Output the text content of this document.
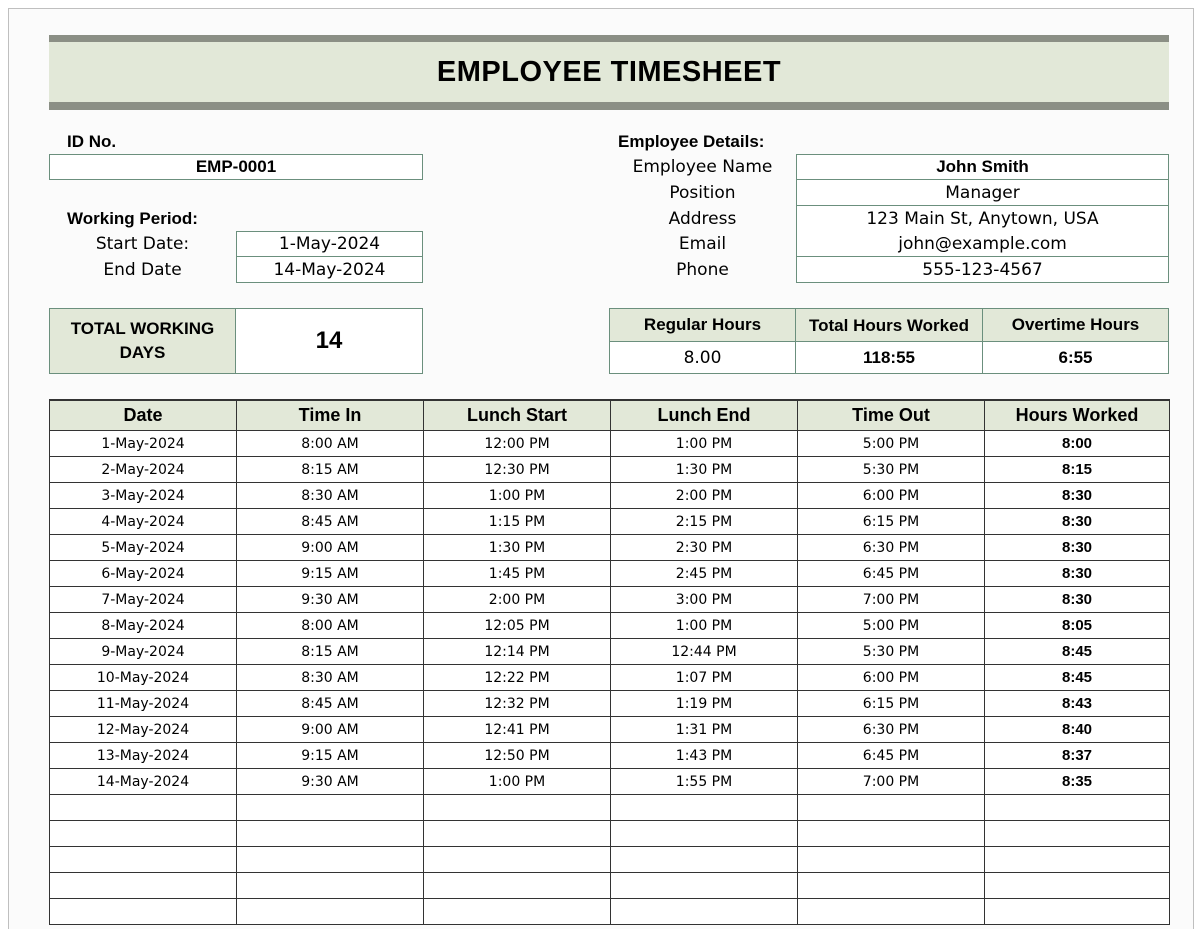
EMPLOYEE TIMESHEET
ID No.
EMP-0001
Working Period:
Start Date:	1-May-2024
End Date	14-May-2024
Employee Details:
Employee Name	John Smith
Position	Manager
Address	123 Main St, Anytown, USA
Email	john@example.com
Phone	555-123-4567
TOTAL WORKING DAYS	14
Regular Hours	Total Hours Worked	Overtime Hours
8.00	118:55	6:55
Date	Time In	Lunch Start	Lunch End	Time Out	Hours Worked
1-May-2024	8:00 AM	12:00 PM	1:00 PM	5:00 PM	8:00
2-May-2024	8:15 AM	12:30 PM	1:30 PM	5:30 PM	8:15
3-May-2024	8:30 AM	1:00 PM	2:00 PM	6:00 PM	8:30
4-May-2024	8:45 AM	1:15 PM	2:15 PM	6:15 PM	8:30
5-May-2024	9:00 AM	1:30 PM	2:30 PM	6:30 PM	8:30
6-May-2024	9:15 AM	1:45 PM	2:45 PM	6:45 PM	8:30
7-May-2024	9:30 AM	2:00 PM	3:00 PM	7:00 PM	8:30
8-May-2024	8:00 AM	12:05 PM	1:00 PM	5:00 PM	8:05
9-May-2024	8:15 AM	12:14 PM	12:44 PM	5:30 PM	8:45
10-May-2024	8:30 AM	12:22 PM	1:07 PM	6:00 PM	8:45
11-May-2024	8:45 AM	12:32 PM	1:19 PM	6:15 PM	8:43
12-May-2024	9:00 AM	12:41 PM	1:31 PM	6:30 PM	8:40
13-May-2024	9:15 AM	12:50 PM	1:43 PM	6:45 PM	8:37
14-May-2024	9:30 AM	1:00 PM	1:55 PM	7:00 PM	8:35
